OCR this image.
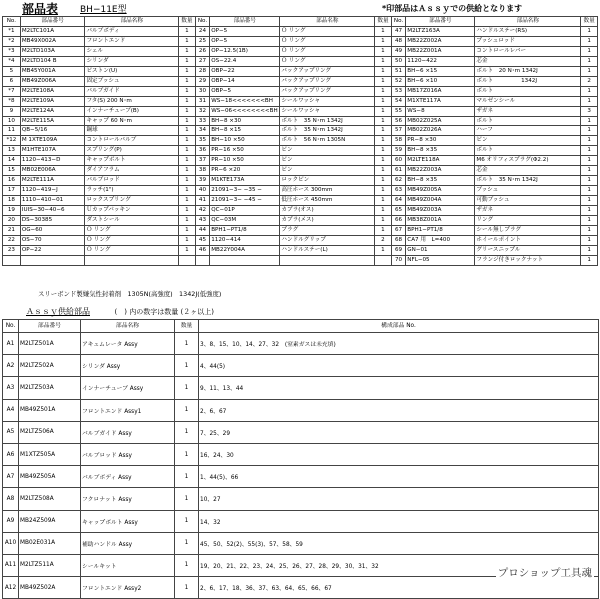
部品表 BH−11E型	*印部品はＡｓｓｙでの供給となります
No.	部品番号	部品名称	数量	No.	部品番号	部品名称	数量	No.	部品番号	部品名称	数量
*1	M2LTC101A	バルブボディ	1	24	OP−5	Ｏ リング	1	47	M2LTZ163A	ハンドルステー(RS)	1
*2	MB49X002A	フロントエンド	1	25	OP−5	Ｏ リング	1	48	MB22Z002A	プッシュロッド	1
*3	M2LTD103A	シェル	1	26	OP−12.5(1B)	Ｏ リング	1	49	MB22Z001A	コントロールレバー	1
*4	M2LTD104 B	シリンダ	1	27	OS−22.4	Ｏ リング	1	50	1120−422	芯金	1
5	MB45Y001A	ピストン(U)	1	28	OBP−22	バックアップリング	1	51	BH−6 ×15	ボルト　20 N･m 1342J	1
6	MB49Z006A	固定ブッシュ	1	29	OBP−14	バックアップリング	1	52	BH−6 ×10	ボルト　　　　　1342J	2
*7	M2LTE108A	バルブガイド	1	30	OBP−5	バックアップリング	1	53	MB17Z016A	ボルト	1
*8	M2LTE109A	フタ(S) 200 N･m	1	31	WS−18<<<<<<<BH	シールワッシャ	1	54	M1XTE117A	マルゼンシール	1
9	M2LTE124A	インナーチューブ(B)	1	32	WS−06<<<<<<<<BH	シールワッシャ	1	55	WS−8	ザガネ	3
10	M2LTE115A	キャップ 60 N･m	1	33	BH−8 ×30	ボルト　35 N･m 1342J	1	56	MB02Z025A	ボルト	1
11	QB−5/16	鋼球	1	34	BH−8 ×15	ボルト　35 N･m 1342J	1	57	MB02Z026A	ハーフ	1
*12	M 1XTE109A	コントロールバルブ	1	35	BH−10 ×50	ボルト　56 N･m 1305N	1	58	PR−8 ×30	ピン	1
13	M1HTE107A	スプリング(P)	1	36	PR−16 ×50	ピン	1	59	BH−8 ×35	ボルト	1
14	1120−413−D	キャップボルト	1	37	PR−10 ×50	ピン	1	60	M2LTE118A	M6 オリフィスプラグ(Φ2.2)	1
15	MB02E006A	ダイアフラム	1	38	PR−6 ×20	ピン	1	61	MB22Z003A	芯金	1
16	M2LTE111A	バルブロッド	1	39	M1KTE173A	ロックピン	1	62	BH−8 ×35	ボルト　35 N･m 1342J	1
17	1120−419−J	ラッチ(1")	1	40	21091−3− −35 −	高圧ホース 300mm	1	63	MB49Z005A	ブッシュ	1
18	1110−410−01	ロックスプリング	1	41	21091−3− −45 −	低圧ホース 450mm	1	64	MB49Z004A	可動ブッシュ	1
19	IUIS−30−40−6	Ｕカップパッキン	1	42	QC−01P	カプラ(オス)	1	65	MB49Z003A	ザガネ	1
20	DS−30385	ダストシール	1	43	QC−03M	カプラ(メス)	1	66	MB38Z001A	リング	1
21	OG−60	Ｏ リング	1	44	BPH1−PT1/8	プラグ	1	67	BPH1−PT1/8	シール無しプラグ	1
22	OS−70	Ｏ リング	1	45	1120−414	ハンドルグリップ	2	68	CA7 用　L=400	ホイールポイント	1
23	OP−22	Ｏ リング	1	46	MB22Y004A	ハンドルステー(L)	1	69	GN−01	グリースニップル	1
								70	NFL−05	フランジ付きロックナット	1
スリーボンド製嫌気性封着剤　1305N(高強度)　1342J(低強度)
Ａｓｓｙ供給部品	(　) 内の数字は数量 (２ヶ以上)
No.	部品番号	部品名称	数量	構成部品 No.
A1	M2LTZ501A	アキュムレータ Assy	1	3、8、15、10、14、27、32　(窒素ガスは未充填)
A2	M2LTZ502A	シリンダ Assy	1	4、44(5)
A3	M2LTZ503A	インナーチューブ Assy	1	9、11、13、44
A4	MB49Z501A	フロントエンド Assy1	1	2、6、67
A5	M2LTZ506A	バルブガイド Assy	1	7、25、29
A6	M1XTZ505A	バルブロッド Assy	1	16、24、30
A7	MB49Z505A	バルブボディ Assy	1	1、44(5)、66
A8	M2LTZ508A	フクロナット Assy	1	10、27
A9	MB24Z509A	キャップボルト Assy	1	14、32
A10	MB02E031A	補助ハンドル Assy	1	45、50、52(2)、55(3)、57、58、59
A11	M2LTZ511A	シールキット	1	19、20、21、22、23、24、25、26、27、28、29、30、31、32
A12	MB49Z502A	フロントエンド Assy2	1	2、6、17、18、36、37、63、64、65、66、67
プロショップ工具魂
